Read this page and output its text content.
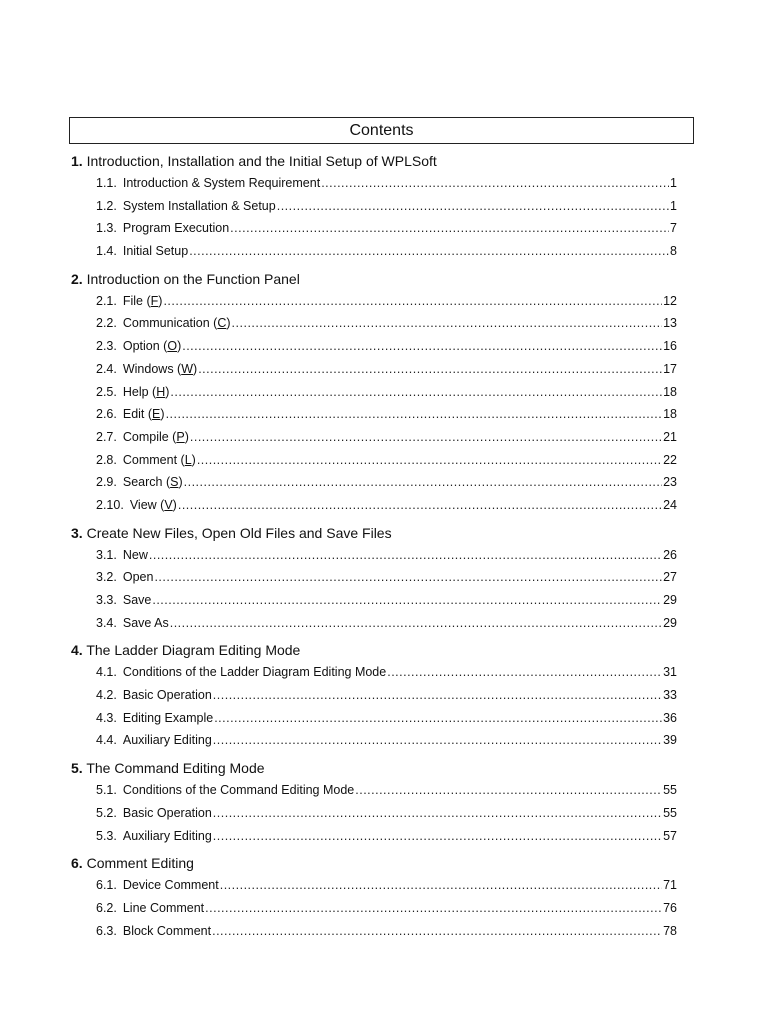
Contents
1. Introduction, Installation and the Initial Setup of WPLSoft
1.1. Introduction & System Requirement .....	1
1.2. System Installation & Setup .....	1
1.3. Program Execution .....	7
1.4. Initial Setup .....	8
2. Introduction on the Function Panel
2.1. File (F) .....	12
2.2. Communication (C) .....	13
2.3. Option (O) .....	16
2.4. Windows (W) .....	17
2.5. Help (H) .....	18
2.6. Edit (E) .....	18
2.7. Compile (P) .....	21
2.8. Comment (L) .....	22
2.9. Search (S) .....	23
2.10. View (V) .....	24
3. Create New Files, Open Old Files and Save Files
3.1. New .....	26
3.2. Open .....	27
3.3. Save .....	29
3.4. Save As .....	29
4. The Ladder Diagram Editing Mode
4.1. Conditions of the Ladder Diagram Editing Mode .....	31
4.2. Basic Operation .....	33
4.3. Editing Example .....	36
4.4. Auxiliary Editing .....	39
5. The Command Editing Mode
5.1. Conditions of the Command Editing Mode .....	55
5.2. Basic Operation .....	55
5.3. Auxiliary Editing .....	57
6. Comment Editing
6.1. Device Comment .....	71
6.2. Line Comment .....	76
6.3. Block Comment .....	78
